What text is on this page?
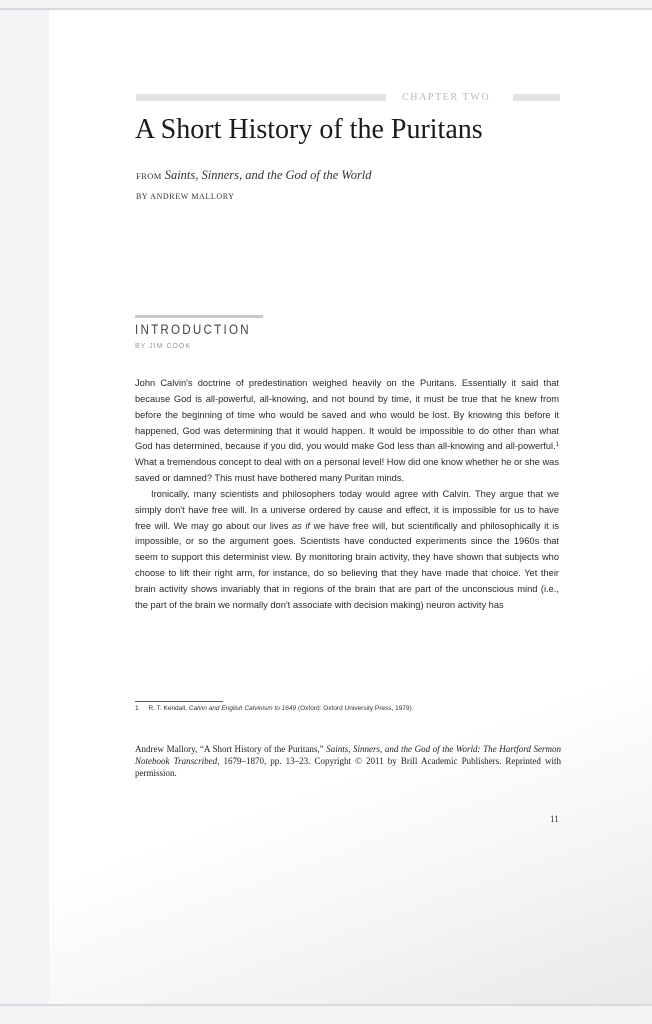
CHAPTER TWO
A Short History of the Puritans
FROM Saints, Sinners, and the God of the World
BY ANDREW MALLORY
INTRODUCTION
BY JIM COOK

John Calvin's doctrine of predestination weighed heavily on the Puritans. Essentially it said that because God is all-powerful, all-knowing, and not bound by time, it must be true that he knew from before the beginning of time who would be saved and who would be lost. By knowing this before it happened, God was determining that it would happen. It would be impossible to do other than what God has determined, because if you did, you would make God less than all-knowing and all-powerful.$^1$ What a tremendous concept to deal with on a personal level! How did one know whether he or she was saved or damned? This must have bothered many Puritan minds.

Ironically, many scientists and philosophers today would agree with Calvin. They argue that we simply don't have free will. In a universe ordered by cause and effect, it is impossible for us to have free will. We may go about our lives as if we have free will, but scientifically and philosophically it is impossible, or so the argument goes. Scientists have conducted experiments since the 1960s that seem to support this determinist view. By monitoring brain activity, they have shown that subjects who choose to lift their right arm, for instance, do so believing that they have made that choice. Yet their brain activity shows invariably that in regions of the brain that are part of the unconscious mind (i.e., the part of the brain we normally don't associate with decision making) neuron activity has

1 R. T. Kendall, Calvin and English Calvinism to 1649 (Oxford: Oxford University Press, 1979).
Andrew Mallory, “A Short History of the Puritans,” Saints, Sinners, and the God of the World: The Hartford Sermon Notebook Transcribed, 1679–1870, pp. 13–23. Copyright © 2011 by Brill Academic Publishers. Reprinted with permission.
11
